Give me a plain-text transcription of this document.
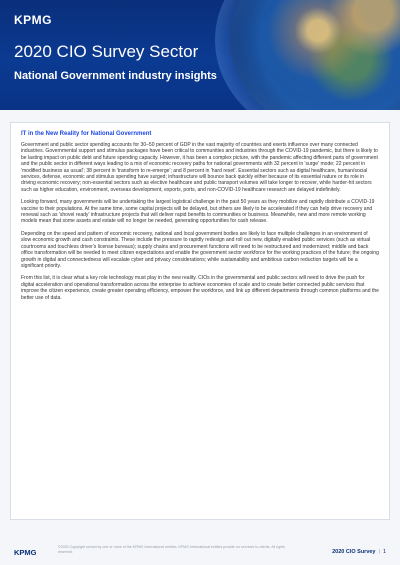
KPMG
2020 CIO Survey Sector
National Government industry insights
IT in the New Reality for National Government

Government and public sector spending accounts for 30–50 percent of GDP in the vast majority of countries and exerts influence over many connected industries. Governmental support and stimulus packages have been critical to communities and industries through the COVID-19 pandemic, but there is likely to be lasting impact on public debt and future spending capacity. However, it has been a complex picture, with the pandemic affecting different parts of government and the public sector in different ways leading to a mix of economic recovery paths for national governments with 32 percent in 'surge' mode; 22 percent in 'modified business as usual'; 38 percent in 'transform to re-emerge'; and 8 percent in 'hard reset'. Essential sectors such as digital healthcare, human/social services, defense, economic and stimulus spending have surged; infrastructure will bounce back quickly either because of its essential nature or its role in driving economic recovery; non-essential sectors such as elective healthcare and public transport volumes will take longer to recover, while harder-hit sectors such as higher education, environment, overseas development, exports, ports, and non-COVID-19 healthcare research are delayed indefinitely.

Looking forward, many governments will be undertaking the largest logistical challenge in the past 50 years as they mobilize and rapidly distribute a COVID-19 vaccine to their populations. At the same time, some capital projects will be delayed, but others are likely to be accelerated if they can help drive recovery and renewal such as 'shovel ready' infrastructure projects that will deliver rapid benefits to communities or business. Meanwhile, new and more remote working models mean that some assets and estate will no longer be needed, generating opportunities for cash release.

Depending on the speed and pattern of economic recovery, national and local government bodies are likely to face multiple challenges in an environment of slow economic growth and cash constraints. These include the pressure to rapidly redesign and roll out new, digitally enabled public services (such as virtual courtrooms and touchless driver's license bureaus); supply chains and procurement functions will need to be restructured and modernized; middle and back office transformation will be needed to meet citizen expectations and enable the government sector workforce for the working practices of the future; the ongoing growth in digital and connectedness will escalate cyber and privacy considerations; while sustainability and ambitious carbon reduction targets will be a significant priority.

From this list, it is clear what a key role technology must play in the new reality. CIOs in the governmental and public sectors will need to drive the push for digital acceleration and operational transformation across the enterprise to achieve economies of scale and to create better connected public services that improve the citizen experience, create greater operating efficiency, empower the workforce, and link up different departments through common platforms and the better use of data.

KPMG
©2020 Copyright owned by one or more of the KPMG International entities. KPMG International entities provide no services to clients. All rights reserved.	2020 CIO Survey | 1
